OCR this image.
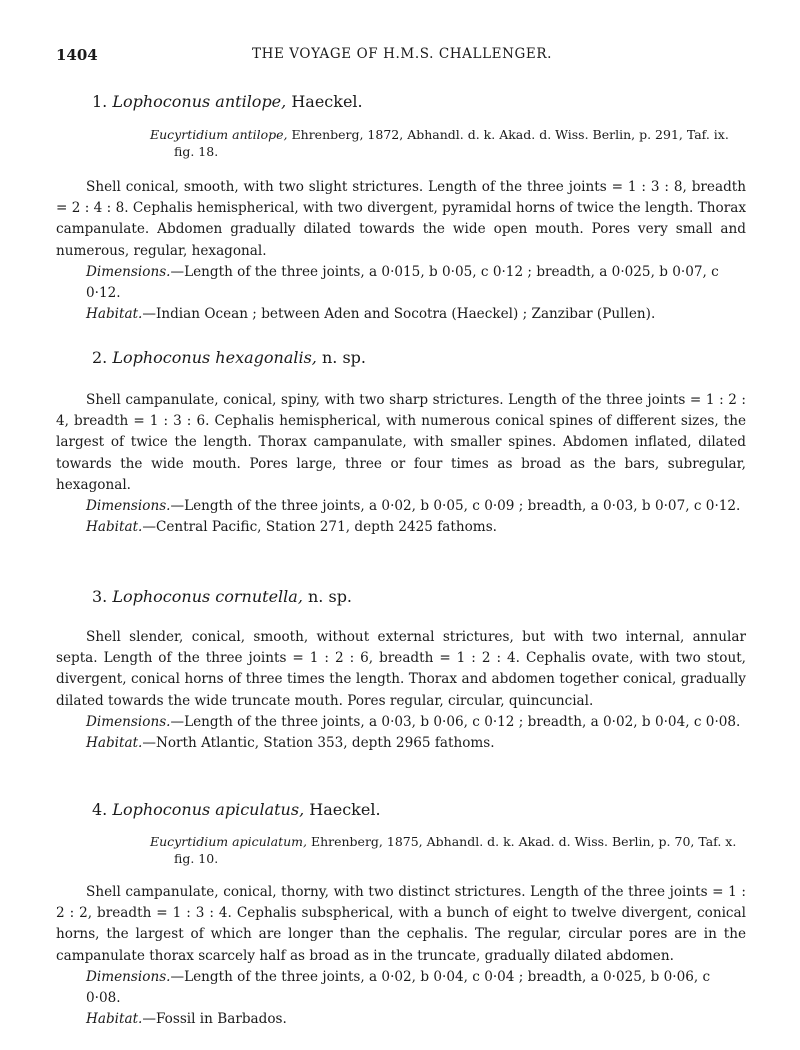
1404	THE VOYAGE OF H.M.S. CHALLENGER.

1. Lophoconus antilope, Haeckel.

Eucyrtidium antilope, Ehrenberg, 1872, Abhandl. d. k. Akad. d. Wiss. Berlin, p. 291, Taf. ix. fig. 18.

Shell conical, smooth, with two slight strictures. Length of the three joints = 1 : 3 : 8, breadth = 2 : 4 : 8. Cephalis hemispherical, with two divergent, pyramidal horns of twice the length. Thorax campanulate. Abdomen gradually dilated towards the wide open mouth. Pores very small and numerous, regular, hexagonal.

Dimensions.—Length of the three joints, a 0·015, b 0·05, c 0·12 ; breadth, a 0·025, b 0·07, c 0·12.

Habitat.—Indian Ocean ; between Aden and Socotra (Haeckel) ; Zanzibar (Pullen).

2. Lophoconus hexagonalis, n. sp.

Shell campanulate, conical, spiny, with two sharp strictures. Length of the three joints = 1 : 2 : 4, breadth = 1 : 3 : 6. Cephalis hemispherical, with numerous conical spines of different sizes, the largest of twice the length. Thorax campanulate, with smaller spines. Abdomen inflated, dilated towards the wide mouth. Pores large, three or four times as broad as the bars, subregular, hexagonal.

Dimensions.—Length of the three joints, a 0·02, b 0·05, c 0·09 ; breadth, a 0·03, b 0·07, c 0·12.

Habitat.—Central Pacific, Station 271, depth 2425 fathoms.

3. Lophoconus cornutella, n. sp.

Shell slender, conical, smooth, without external strictures, but with two internal, annular septa. Length of the three joints = 1 : 2 : 6, breadth = 1 : 2 : 4. Cephalis ovate, with two stout, divergent, conical horns of three times the length. Thorax and abdomen together conical, gradually dilated towards the wide truncate mouth. Pores regular, circular, quincuncial.

Dimensions.—Length of the three joints, a 0·03, b 0·06, c 0·12 ; breadth, a 0·02, b 0·04, c 0·08.

Habitat.—North Atlantic, Station 353, depth 2965 fathoms.

4. Lophoconus apiculatus, Haeckel.

Eucyrtidium apiculatum, Ehrenberg, 1875, Abhandl. d. k. Akad. d. Wiss. Berlin, p. 70, Taf. x. fig. 10.

Shell campanulate, conical, thorny, with two distinct strictures. Length of the three joints = 1 : 2 : 2, breadth = 1 : 3 : 4. Cephalis subspherical, with a bunch of eight to twelve divergent, conical horns, the largest of which are longer than the cephalis. The regular, circular pores are in the campanulate thorax scarcely half as broad as in the truncate, gradually dilated abdomen.

Dimensions.—Length of the three joints, a 0·02, b 0·04, c 0·04 ; breadth, a 0·025, b 0·06, c 0·08.

Habitat.—Fossil in Barbados.
